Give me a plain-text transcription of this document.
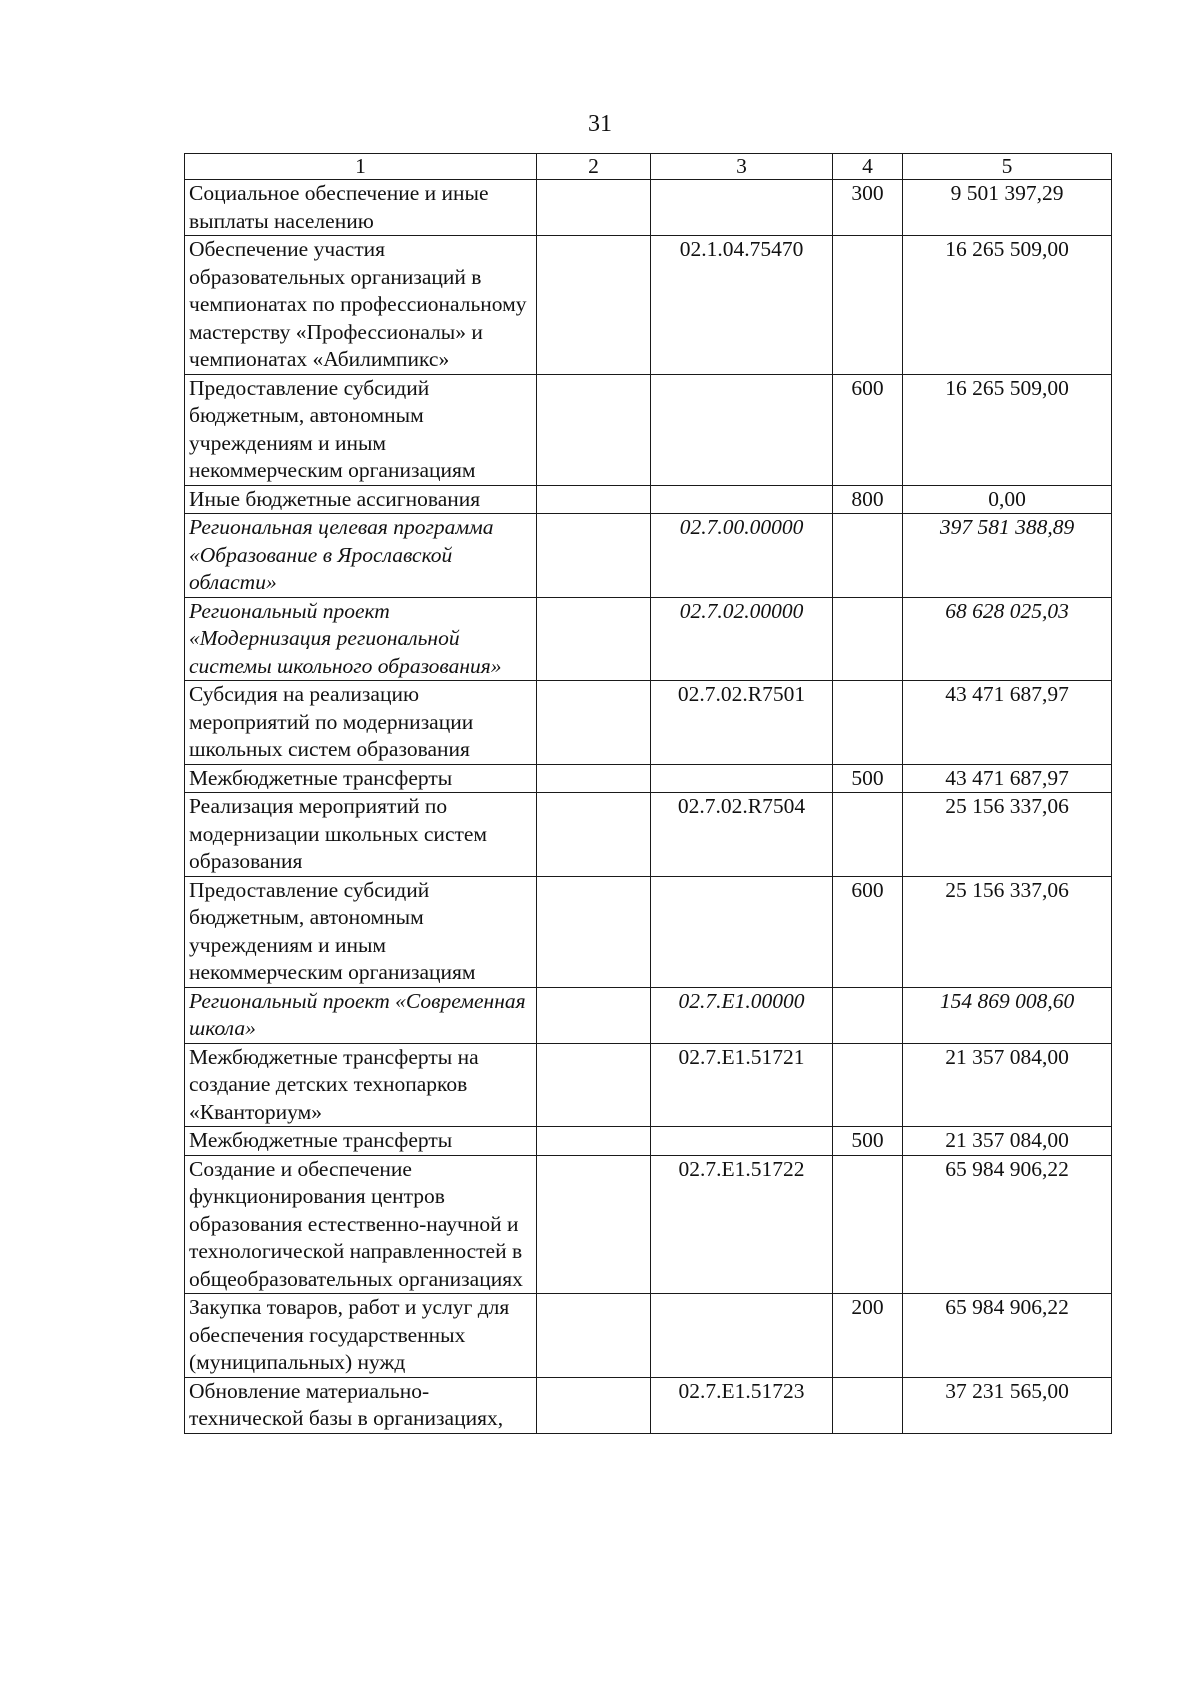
31
1	2	3	4	5
Социальное обеспечение и иные выплаты населению			300	9 501 397,29
Обеспечение участия образовательных организаций в чемпионатах по профессиональному мастерству «Профессионалы» и чемпионатах «Абилимпикс»		02.1.04.75470		16 265 509,00
Предоставление субсидий бюджетным, автономным учреждениям и иным некоммерческим организациям			600	16 265 509,00
Иные бюджетные ассигнования			800	0,00
Региональная целевая программа «Образование в Ярославской области»		02.7.00.00000		397 581 388,89
Региональный проект «Модернизация региональной системы школьного образования»		02.7.02.00000		68 628 025,03
Субсидия на реализацию мероприятий по модернизации школьных систем образования		02.7.02.R7501		43 471 687,97
Межбюджетные трансферты			500	43 471 687,97
Реализация мероприятий по модернизации школьных систем образования		02.7.02.R7504		25 156 337,06
Предоставление субсидий бюджетным, автономным учреждениям и иным некоммерческим организациям			600	25 156 337,06
Региональный проект «Современная школа»		02.7.Е1.00000		154 869 008,60
Межбюджетные трансферты на создание детских технопарков «Кванториум»		02.7.Е1.51721		21 357 084,00
Межбюджетные трансферты			500	21 357 084,00
Создание и обеспечение функционирования центров образования естественно-научной и технологической направленностей в общеобразовательных организациях		02.7.Е1.51722		65 984 906,22
Закупка товаров, работ и услуг для обеспечения государственных (муниципальных) нужд			200	65 984 906,22
Обновление материально-технической базы в организациях,		02.7.Е1.51723		37 231 565,00
